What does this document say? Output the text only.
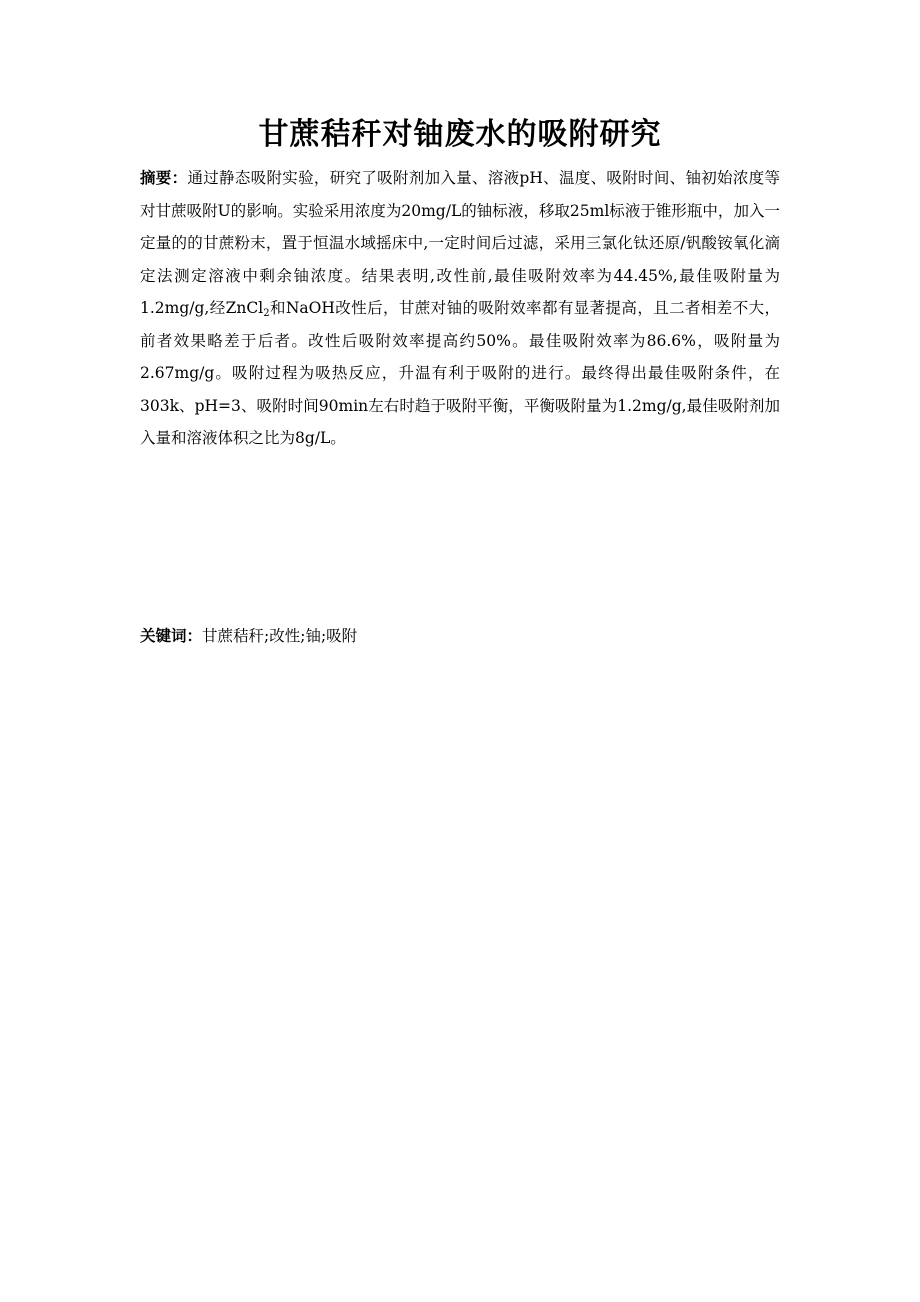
甘蔗秸秆对铀废水的吸附研究

摘要：通过静态吸附实验，研究了吸附剂加入量、溶液pH、温度、吸附时间、铀初始浓度等对甘蔗吸附U的影响。实验采用浓度为20mg/L的铀标液，移取25ml标液于锥形瓶中，加入一定量的的甘蔗粉末，置于恒温水域摇床中,一定时间后过滤，采用三氯化钛还原/钒酸铵氧化滴定法测定溶液中剩余铀浓度。结果表明,改性前,最佳吸附效率为44.45%,最佳吸附量为1.2mg/g,经ZnCl$_2$和NaOH改性后，甘蔗对铀的吸附效率都有显著提高，且二者相差不大，前者效果略差于后者。改性后吸附效率提高约50%。最佳吸附效率为86.6%，吸附量为2.67mg/g。吸附过程为吸热反应，升温有利于吸附的进行。最终得出最佳吸附条件，在303k、pH=3、吸附时间90min左右时趋于吸附平衡，平衡吸附量为1.2mg/g,最佳吸附剂加入量和溶液体积之比为8g/L。

关键词：甘蔗秸秆;改性;铀;吸附
